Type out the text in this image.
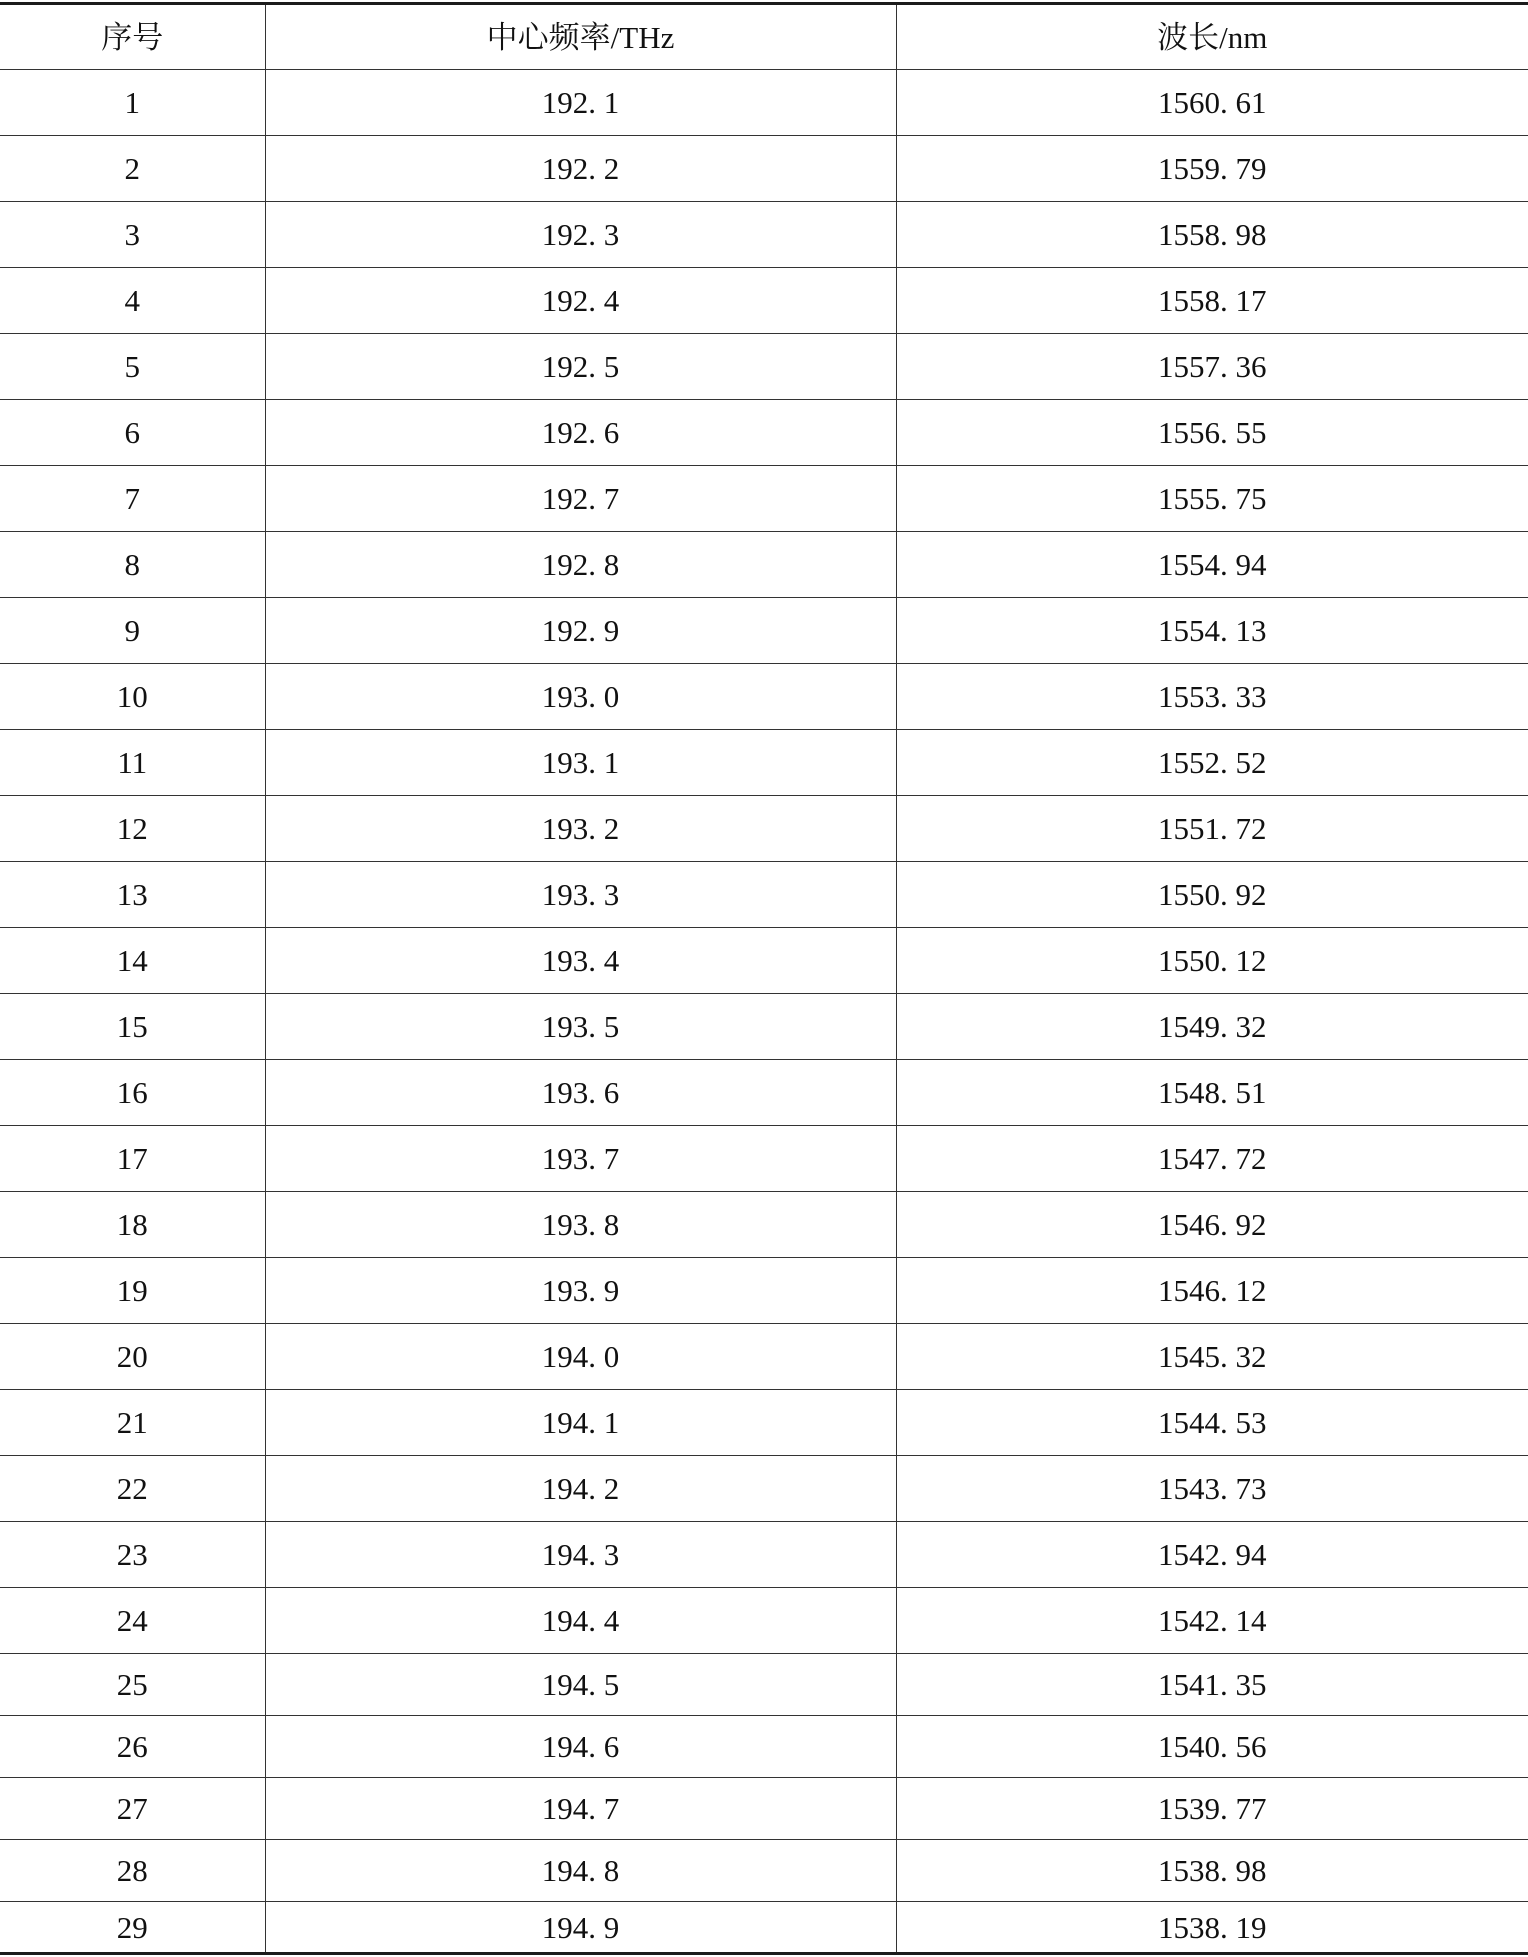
序号	中心频率/THz	波长/nm
1	192. 1	1560. 61
2	192. 2	1559. 79
3	192. 3	1558. 98
4	192. 4	1558. 17
5	192. 5	1557. 36
6	192. 6	1556. 55
7	192. 7	1555. 75
8	192. 8	1554. 94
9	192. 9	1554. 13
10	193. 0	1553. 33
11	193. 1	1552. 52
12	193. 2	1551. 72
13	193. 3	1550. 92
14	193. 4	1550. 12
15	193. 5	1549. 32
16	193. 6	1548. 51
17	193. 7	1547. 72
18	193. 8	1546. 92
19	193. 9	1546. 12
20	194. 0	1545. 32
21	194. 1	1544. 53
22	194. 2	1543. 73
23	194. 3	1542. 94
24	194. 4	1542. 14
25	194. 5	1541. 35
26	194. 6	1540. 56
27	194. 7	1539. 77
28	194. 8	1538. 98
29	194. 9	1538. 19
